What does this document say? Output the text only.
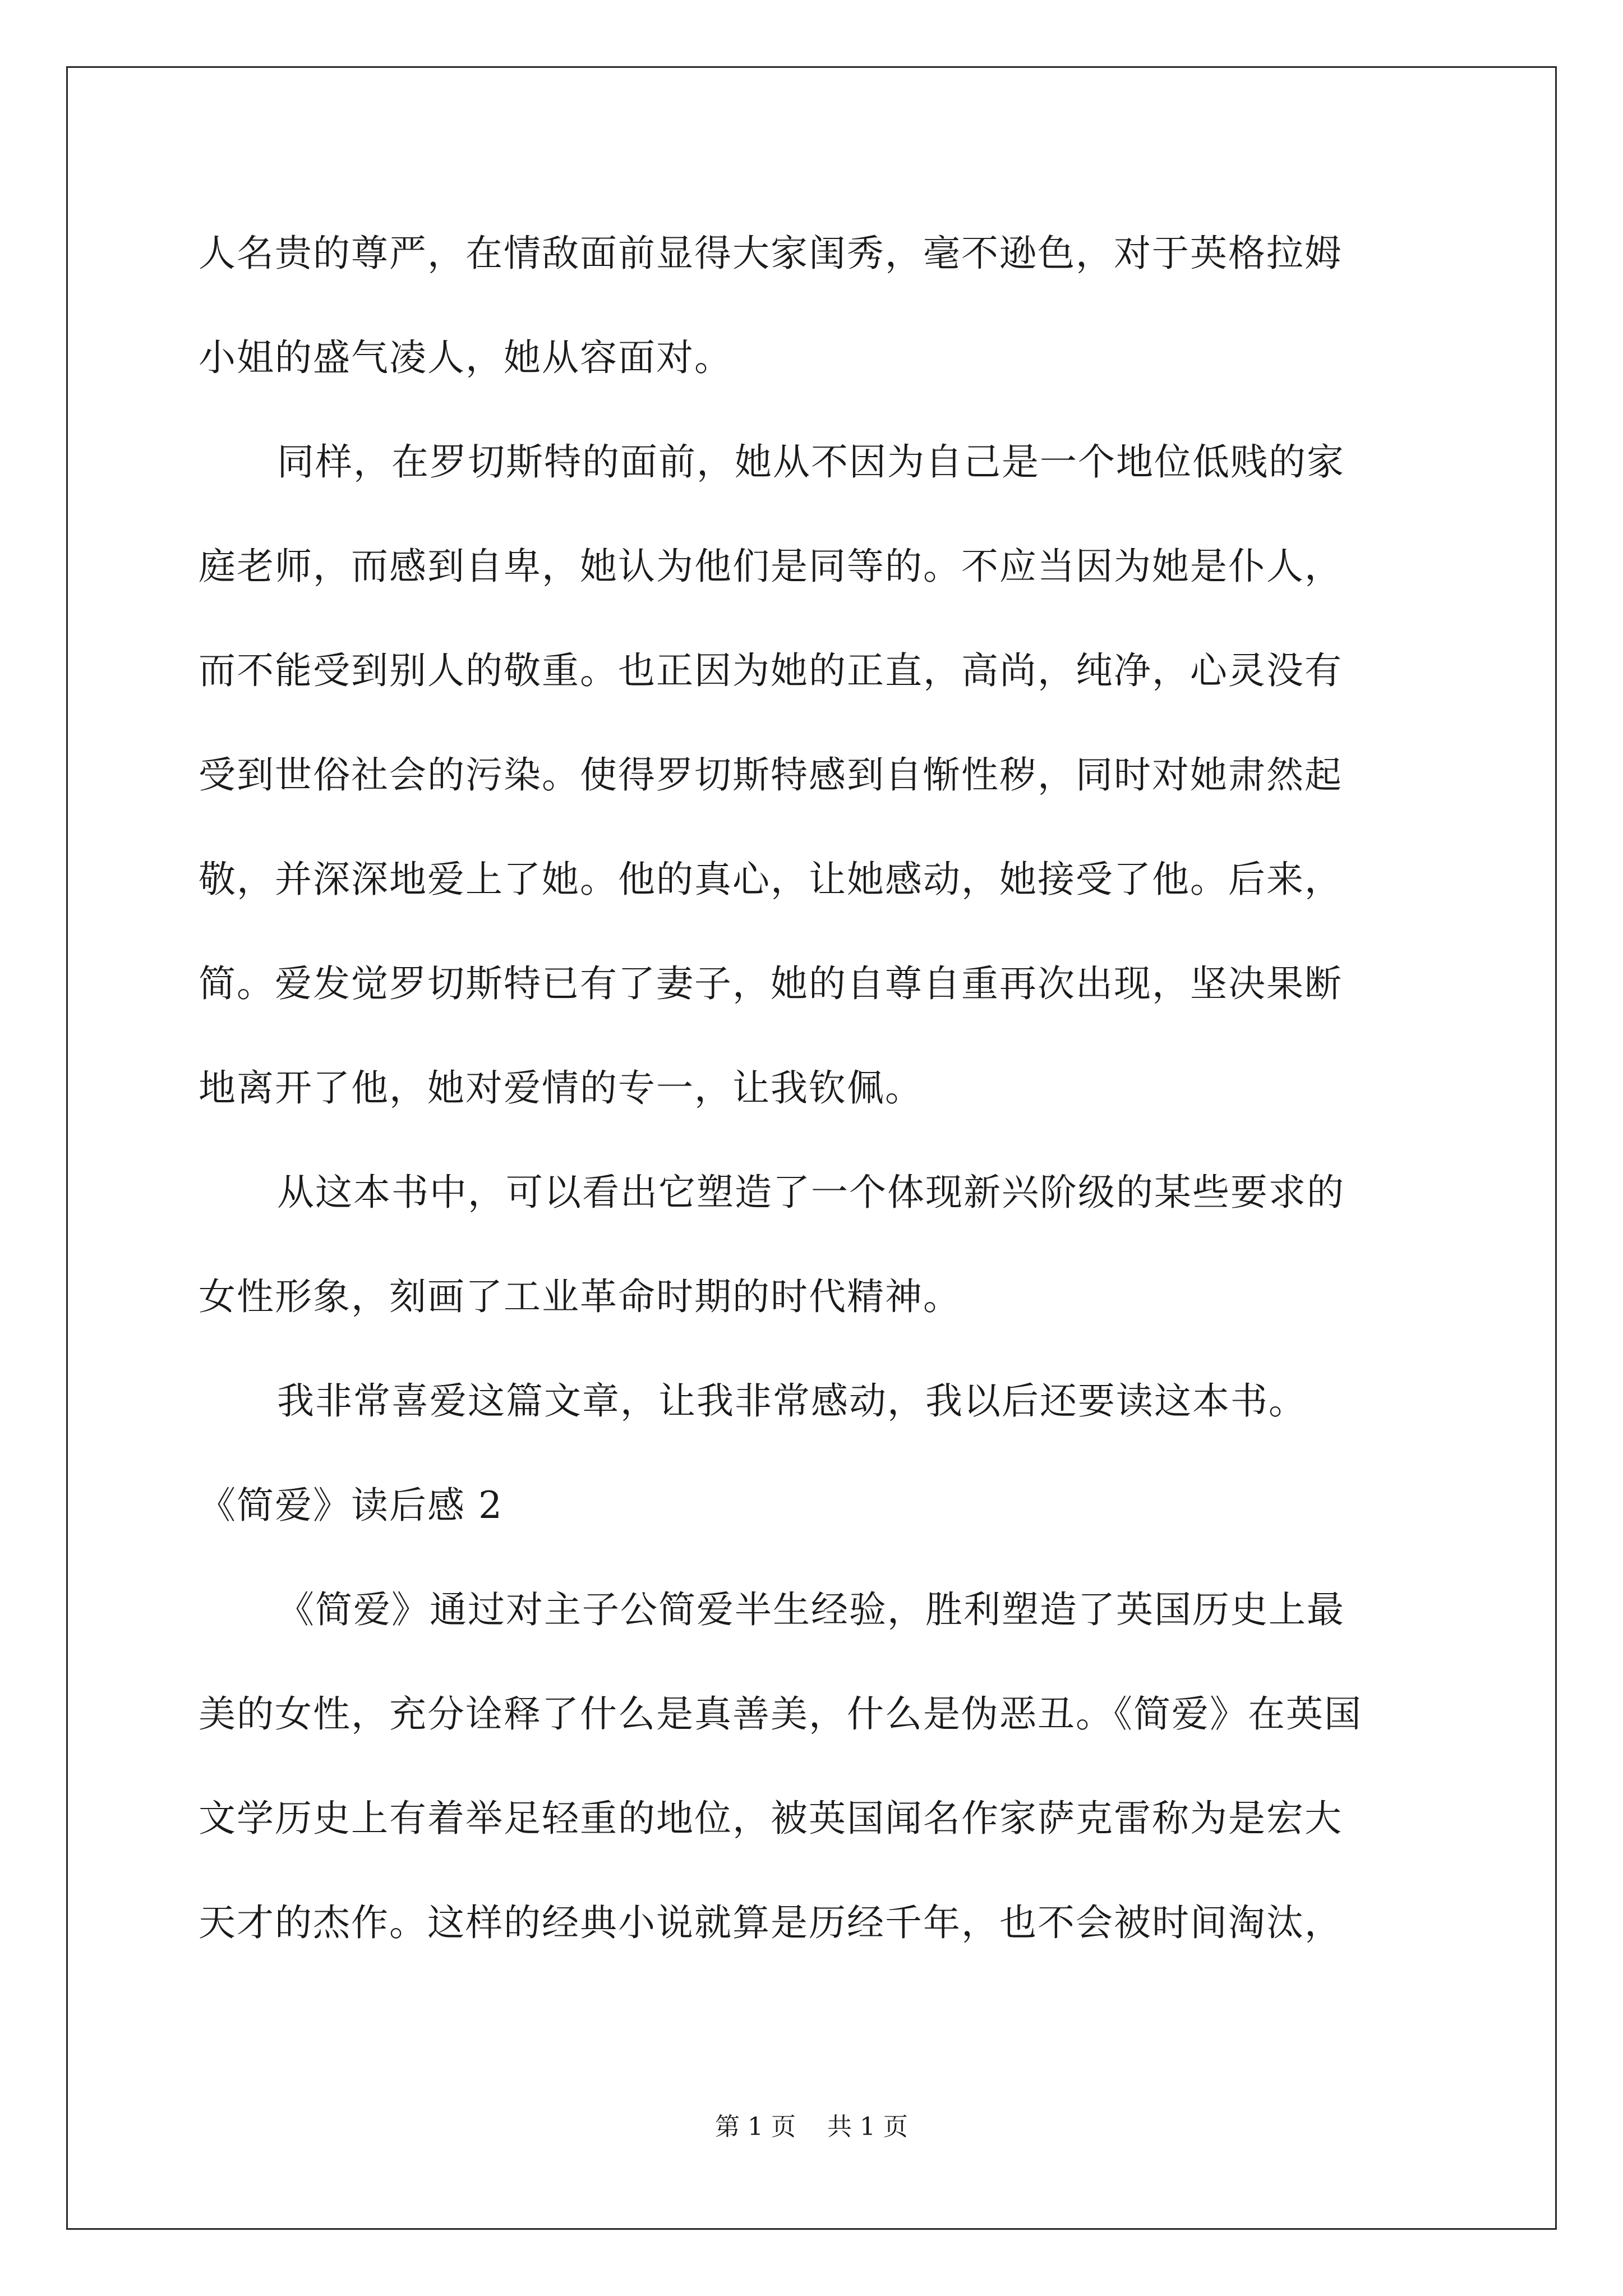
人名贵的尊严，在情敌面前显得大家闺秀，毫不逊色，对于英格拉姆
小姐的盛气凌人，她从容面对。
同样，在罗切斯特的面前，她从不因为自己是一个地位低贱的家
庭老师，而感到自卑，她认为他们是同等的。不应当因为她是仆人，
而不能受到别人的敬重。也正因为她的正直，高尚，纯净，心灵没有
受到世俗社会的污染。使得罗切斯特感到自惭性秽，同时对她肃然起
敬，并深深地爱上了她。他的真心，让她感动，她接受了他。后来，
简。爱发觉罗切斯特已有了妻子，她的自尊自重再次出现，坚决果断
地离开了他，她对爱情的专一，让我钦佩。
从这本书中，可以看出它塑造了一个体现新兴阶级的某些要求的
女性形象，刻画了工业革命时期的时代精神。
我非常喜爱这篇文章，让我非常感动，我以后还要读这本书。
《简爱》读后感 2
《简爱》通过对主子公简爱半生经验，胜利塑造了英国历史上最
美的女性，充分诠释了什么是真善美，什么是伪恶丑。《简爱》在英国
文学历史上有着举足轻重的地位，被英国闻名作家萨克雷称为是宏大
天才的杰作。这样的经典小说就算是历经千年，也不会被时间淘汰，
第 1 页    共 1 页
